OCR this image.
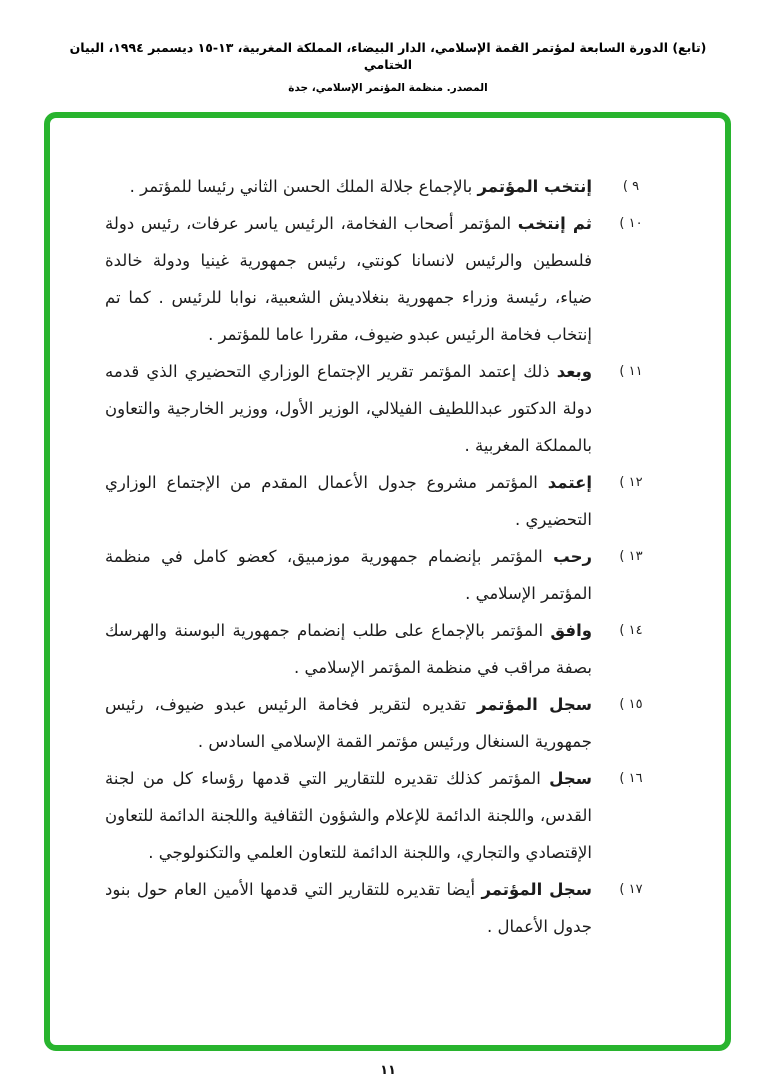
(تابع) الدورة السابعة لمؤتمر القمة الإسلامي، الدار البيضاء، المملكة المغربية، ١٣-١٥ ديسمبر ١٩٩٤، البيان الختامي
المصدر. منظمة المؤتمر الإسلامي، جدة
( ٩
إنتخب المؤتمر بالإجماع جلالة الملك الحسن الثاني رئيسا للمؤتمر .
( ١٠
ثم إنتخب المؤتمر أصحاب الفخامة، الرئيس ياسر عرفات، رئيس دولة فلسطين والرئيس لانسانا كونتي، رئيس جمهورية غينيا ودولة خالدة ضياء، رئيسة وزراء جمهورية بنغلاديش الشعبية، نوابا للرئيس . كما تم إنتخاب فخامة الرئيس عبدو ضيوف، مقررا عاما للمؤتمر .
( ١١
وبعد ذلك إعتمد المؤتمر تقرير الإجتماع الوزاري التحضيري الذي قدمه دولة الدكتور عبداللطيف الفيلالي، الوزير الأول، ووزير الخارجية والتعاون بالمملكة المغربية .
( ١٢
إعتمد المؤتمر مشروع جدول الأعمال المقدم من الإجتماع الوزاري التحضيري .
( ١٣
رحب المؤتمر بإنضمام جمهورية موزمبيق، كعضو كامل في منظمة المؤتمر الإسلامي .
( ١٤
وافق المؤتمر بالإجماع على طلب إنضمام جمهورية البوسنة والهرسك بصفة مراقب في منظمة المؤتمر الإسلامي .
( ١٥
سجل المؤتمر تقديره لتقرير فخامة الرئيس عبدو ضيوف، رئيس جمهورية السنغال ورئيس مؤتمر القمة الإسلامي السادس .
( ١٦
سجل المؤتمر كذلك تقديره للتقارير التي قدمها رؤساء كل من لجنة القدس، واللجنة الدائمة للإعلام والشؤون الثقافية واللجنة الدائمة للتعاون الإقتصادي والتجاري، واللجنة الدائمة للتعاون العلمي والتكنولوجي .
( ١٧
سجل المؤتمر أيضا تقديره للتقارير التي قدمها الأمين العام حول بنود جدول الأعمال .
١١
